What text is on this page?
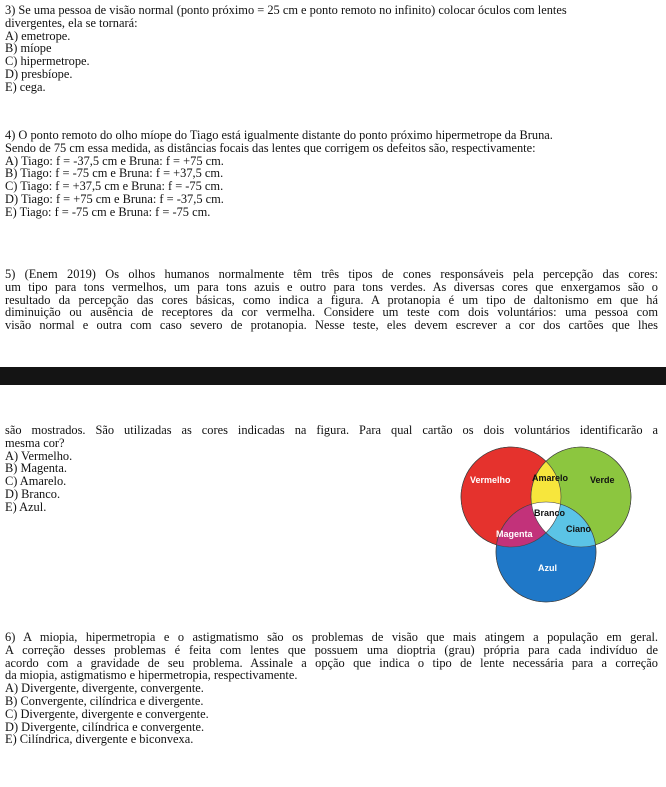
3) Se uma pessoa de visão normal (ponto próximo = 25 cm e ponto remoto no infinito) colocar óculos com lentes
divergentes, ela se tornará:
A) emetrope.
B) míope
C) hipermetrope.
D) presbíope.
E) cega.
4) O ponto remoto do olho míope do Tiago está igualmente distante do ponto próximo hipermetrope da Bruna.
Sendo de 75 cm essa medida, as distâncias focais das lentes que corrigem os defeitos são, respectivamente:
A) Tiago: f = -37,5 cm e Bruna: f = +75 cm.
B) Tiago: f = -75 cm e Bruna: f = +37,5 cm.
C) Tiago: f = +37,5 cm e Bruna: f = -75 cm.
D) Tiago: f = +75 cm e Bruna: f = -37,5 cm.
E) Tiago: f = -75 cm e Bruna: f = -75 cm.
5) (Enem 2019) Os olhos humanos normalmente têm três tipos de cones responsáveis pela percepção das cores:
um tipo para tons vermelhos, um para tons azuis e outro para tons verdes. As diversas cores que enxergamos são o
resultado da percepção das cores básicas, como indica a figura. A protanopia é um tipo de daltonismo em que há
diminuição ou ausência de receptores da cor vermelha. Considere um teste com dois voluntários: uma pessoa com
visão normal e outra com caso severo de protanopia. Nesse teste, eles devem escrever a cor dos cartões que lhes
são mostrados. São utilizadas as cores indicadas na figura. Para qual cartão os dois voluntários identificarão a
mesma cor?
A) Vermelho.
B) Magenta.
C) Amarelo.
D) Branco.
E) Azul.
Vermelho Amarelo Verde
Branco
Magenta	Ciano
Azul
6) A miopia, hipermetropia e o astigmatismo são os problemas de visão que mais atingem a população em geral.
A correção desses problemas é feita com lentes que possuem uma dioptria (grau) própria para cada indivíduo de
acordo com a gravidade de seu problema. Assinale a opção que indica o tipo de lente necessária para a correção
da miopia, astigmatismo e hipermetropia, respectivamente.
A) Divergente, divergente, convergente.
B) Convergente, cilíndrica e divergente.
C) Divergente, divergente e convergente.
D) Divergente, cilíndrica e convergente.
E) Cilíndrica, divergente e biconvexa.
